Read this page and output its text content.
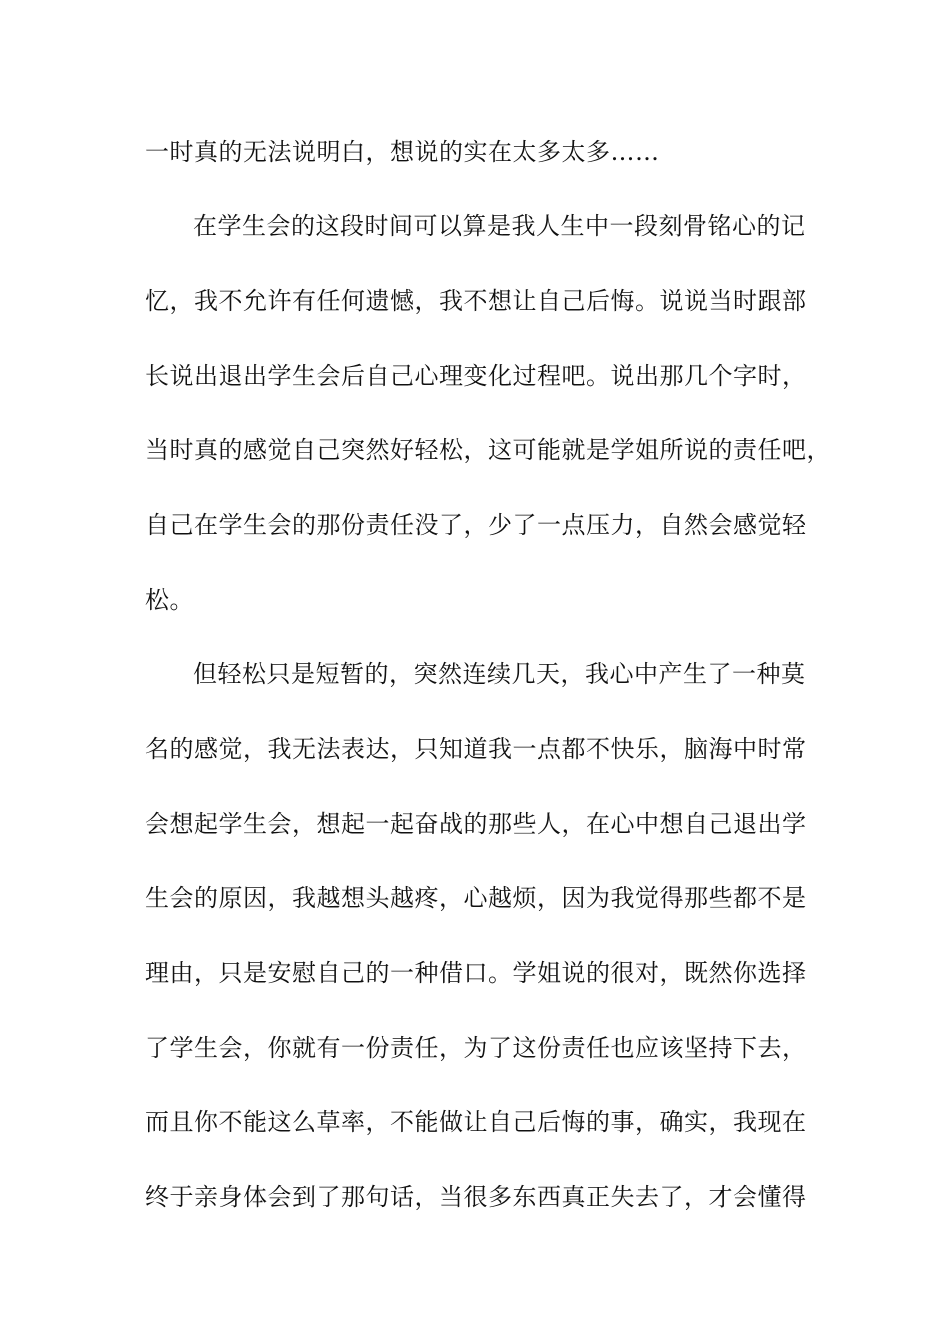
一时真的无法说明白，想说的实在太多太多……
在学生会的这段时间可以算是我人生中一段刻骨铭心的记
忆，我不允许有任何遗憾，我不想让自己后悔。说说当时跟部
长说出退出学生会后自己心理变化过程吧。说出那几个字时，
当时真的感觉自己突然好轻松，这可能就是学姐所说的责任吧，
自己在学生会的那份责任没了，少了一点压力，自然会感觉轻
松。
但轻松只是短暂的，突然连续几天，我心中产生了一种莫
名的感觉，我无法表达，只知道我一点都不快乐，脑海中时常
会想起学生会，想起一起奋战的那些人，在心中想自己退出学
生会的原因，我越想头越疼，心越烦，因为我觉得那些都不是
理由，只是安慰自己的一种借口。学姐说的很对，既然你选择
了学生会，你就有一份责任，为了这份责任也应该坚持下去，
而且你不能这么草率，不能做让自己后悔的事，确实，我现在
终于亲身体会到了那句话，当很多东西真正失去了，才会懂得
